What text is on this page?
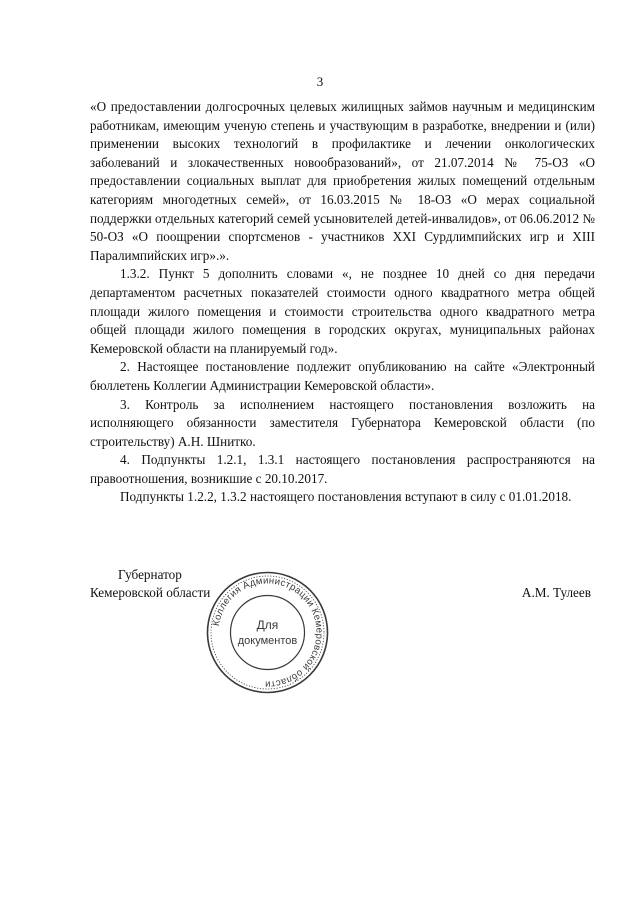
3

«О предоставлении долгосрочных целевых жилищных займов научным и медицинским работникам, имеющим ученую степень и участвующим в разработке, внедрении и (или) применении высоких технологий в профилактике и лечении онкологических заболеваний и злокачественных новообразований», от 21.07.2014 № 75-ОЗ «О предоставлении социальных выплат для приобретения жилых помещений отдельным категориям многодетных семей», от 16.03.2015 № 18-ОЗ «О мерах социальной поддержки отдельных категорий семей усыновителей детей-инвалидов», от 06.06.2012 № 50-ОЗ «О поощрении спортсменов - участников XXI Сурдлимпийских игр и XIII Паралимпийских игр».».

1.3.2. Пункт 5 дополнить словами «, не позднее 10 дней со дня передачи департаментом расчетных показателей стоимости одного квадратного метра общей площади жилого помещения и стоимости строительства одного квадратного метра общей площади жилого помещения в городских округах, муниципальных районах Кемеровской области на планируемый год».

2. Настоящее постановление подлежит опубликованию на сайте «Электронный бюллетень Коллегии Администрации Кемеровской области».

3. Контроль за исполнением настоящего постановления возложить на исполняющего обязанности заместителя Губернатора Кемеровской области (по строительству) А.Н. Шнитко.

4. Подпункты 1.2.1, 1.3.1 настоящего постановления распространяются на правоотношения, возникшие с 20.10.2017.

Подпункты 1.2.2, 1.3.2 настоящего постановления вступают в силу с 01.01.2018.

Губернатор
Кемеровской области	А.М. Тулеев
Коллегия Администрации Кемеровской области
Для
документов
